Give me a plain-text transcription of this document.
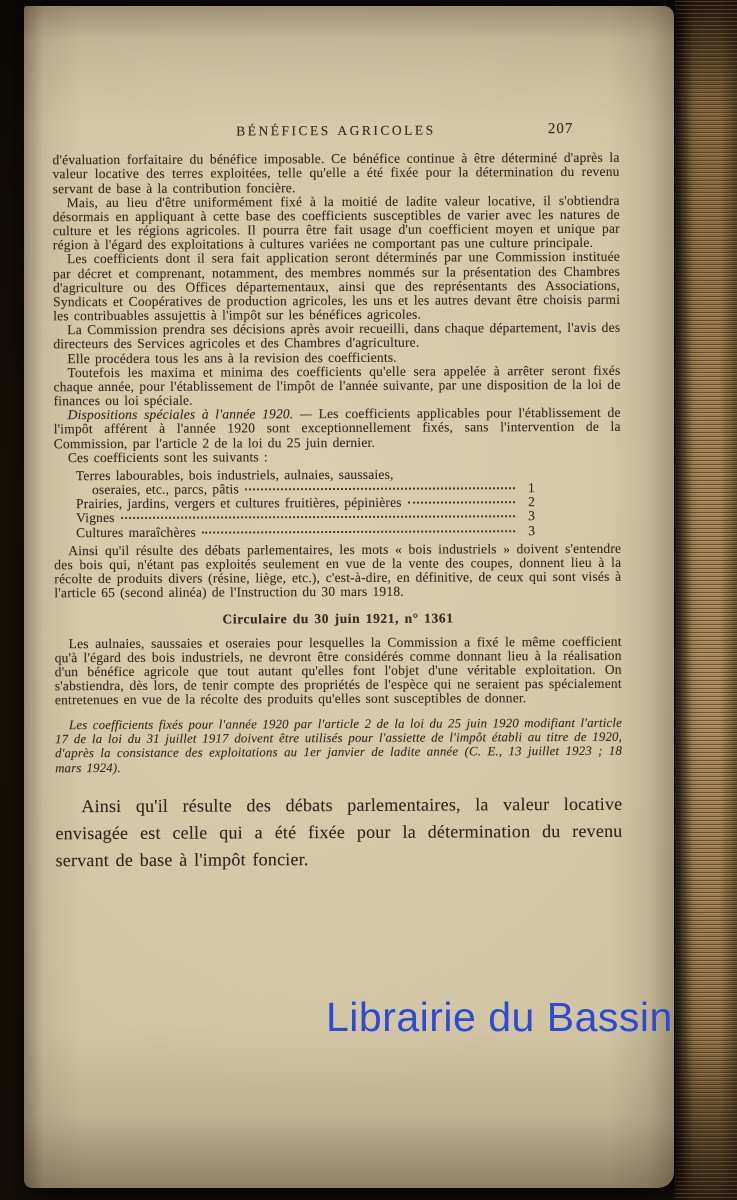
BÉNÉFICES AGRICOLES	207

d'évaluation forfaitaire du bénéfice imposable. Ce bénéfice continue à être déterminé d'après la valeur locative des terres exploitées, telle qu'elle a été fixée pour la détermination du revenu servant de base à la contribution foncière.

Mais, au lieu d'être uniformément fixé à la moitié de ladite valeur locative, il s'obtiendra désormais en appliquant à cette base des coefficients susceptibles de varier avec les natures de culture et les régions agricoles. Il pourra être fait usage d'un coefficient moyen et unique par région à l'égard des exploitations à cultures variées ne comportant pas une culture principale.

Les coefficients dont il sera fait application seront déterminés par une Commission instituée par décret et comprenant, notamment, des membres nommés sur la présentation des Chambres d'agriculture ou des Offices départementaux, ainsi que des représentants des Associations, Syndicats et Coopératives de production agricoles, les uns et les autres devant être choisis parmi les contribuables assujettis à l'impôt sur les bénéfices agricoles.

La Commission prendra ses décisions après avoir recueilli, dans chaque département, l'avis des directeurs des Services agricoles et des Chambres d'agriculture.

Elle procédera tous les ans à la revision des coefficients.

Toutefois les maxima et minima des coefficients qu'elle sera appelée à arrêter seront fixés chaque année, pour l'établissement de l'impôt de l'année suivante, par une disposition de la loi de finances ou loi spéciale.

Dispositions spéciales à l'année 1920. — Les coefficients applicables pour l'établissement de l'impôt afférent à l'année 1920 sont exceptionnellement fixés, sans l'intervention de la Commission, par l'article 2 de la loi du 25 juin dernier.

Ces coefficients sont les suivants :

Terres labourables, bois industriels, aulnaies, saussaies,
oseraies, etc., parcs, pâtis	1
Prairies, jardins, vergers et cultures fruitières, pépinières	2
Vignes	3
Cultures maraîchères	3

Ainsi qu'il résulte des débats parlementaires, les mots « bois industriels » doivent s'entendre des bois qui, n'étant pas exploités seulement en vue de la vente des coupes, donnent lieu à la récolte de produits divers (résine, liège, etc.), c'est-à-dire, en définitive, de ceux qui sont visés à l'article 65 (second alinéa) de l'Instruction du 30 mars 1918.

Circulaire du 30 juin 1921, n° 1361

Les aulnaies, saussaies et oseraies pour lesquelles la Commission a fixé le même coefficient qu'à l'égard des bois industriels, ne devront être considérés comme donnant lieu à la réalisation d'un bénéfice agricole que tout autant qu'elles font l'objet d'une véritable exploitation. On s'abstiendra, dès lors, de tenir compte des propriétés de l'espèce qui ne seraient pas spécialement entretenues en vue de la récolte des produits qu'elles sont susceptibles de donner.

Les coefficients fixés pour l'année 1920 par l'article 2 de la loi du 25 juin 1920 modifiant l'article 17 de la loi du 31 juillet 1917 doivent être utilisés pour l'assiette de l'impôt établi au titre de 1920, d'après la consistance des exploitations au 1er janvier de ladite année (C. E., 13 juillet 1923 ; 18 mars 1924).

Ainsi qu'il résulte des débats parlementaires, la valeur locative envisagée est celle qui a été fixée pour la détermination du revenu servant de base à l'impôt foncier.

Librairie du Bassin
